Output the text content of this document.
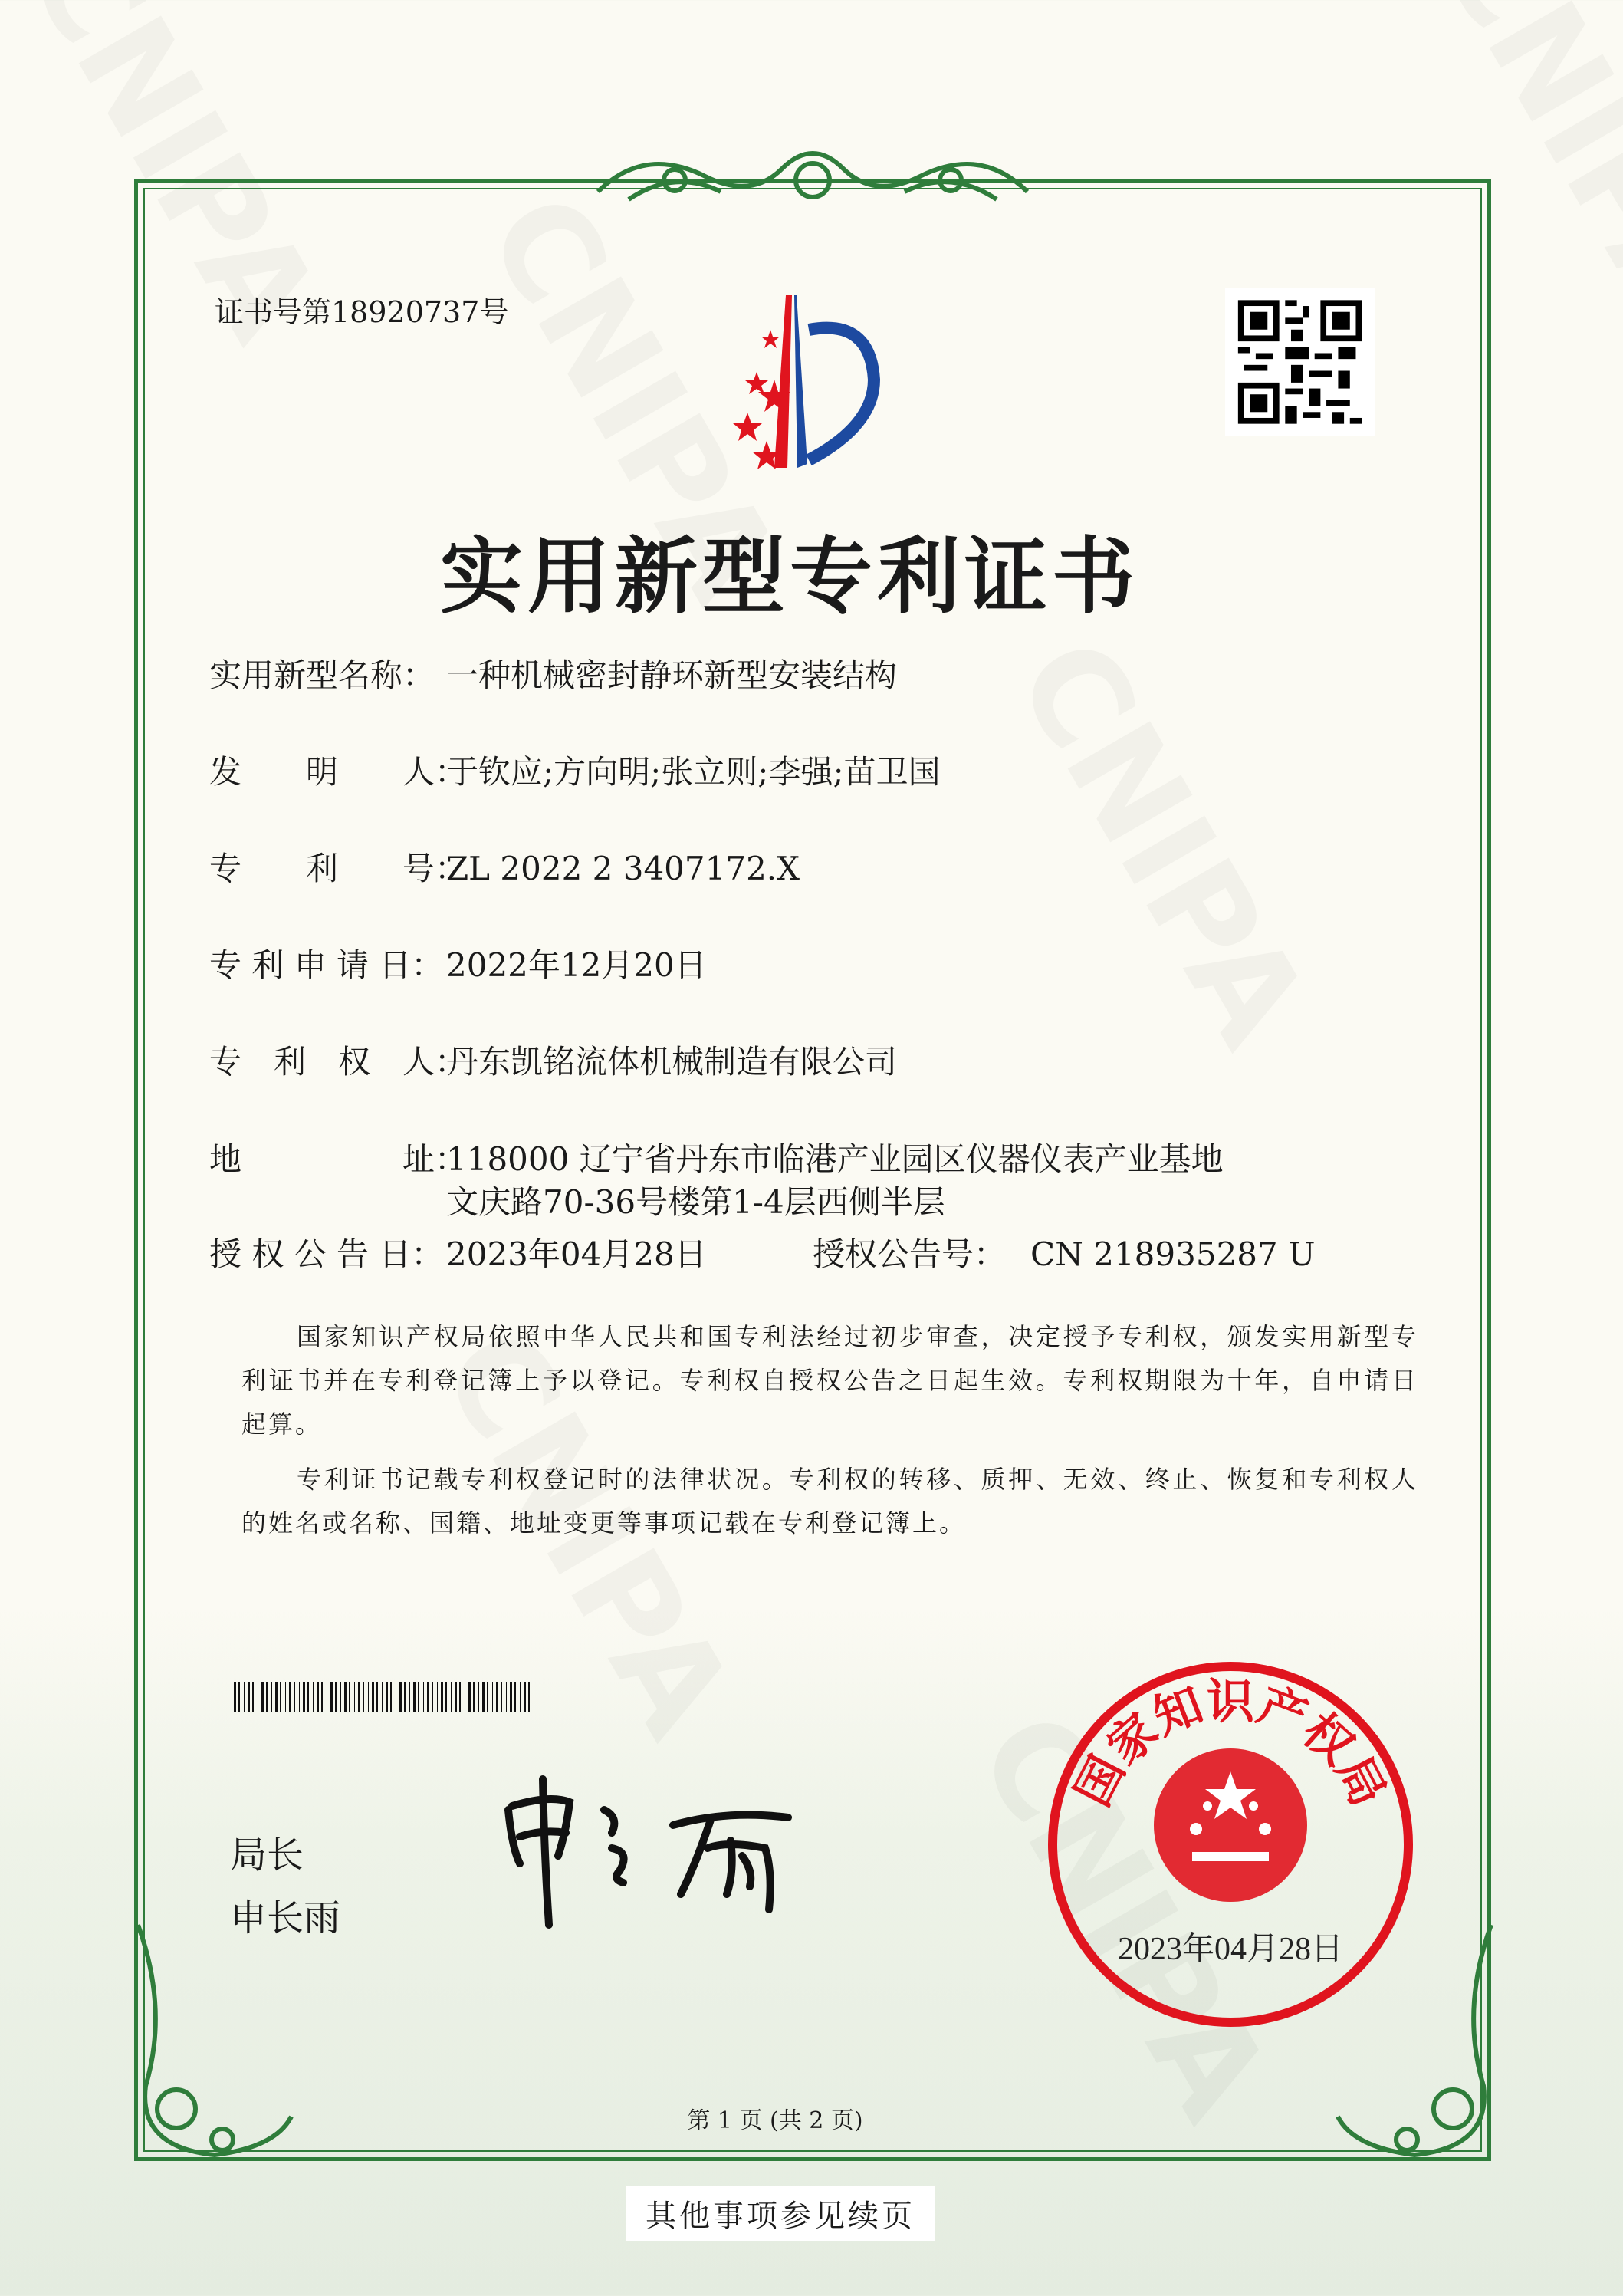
证书号第18920737号
实用新型专利证书
实用新型名称： 一种机械密封静环新型安装结构
发　　明　　人：
于钦应;方向明;张立则;李强;苗卫国
专　　利　　号：
ZL 2022 2 3407172.X
专 利 申 请 日： 2022年12月20日
专　利　权　人：
丹东凯铭流体机械制造有限公司
地　　　　　址：
118000 辽宁省丹东市临港产业园区仪器仪表产业基地
文庆路70-36号楼第1-4层西侧半层
授 权 公 告 日： 2023年04月28日	授权公告号： CN 218935287 U
国家知识产权局依照中华人民共和国专利法经过初步审查，决定授予专利权，颁发实用新型专利证书并在专利登记簿上予以登记。专利权自授权公告之日起生效。专利权期限为十年，自申请日起算。
专利证书记载专利权登记时的法律状况。专利权的转移、质押、无效、终止、恢复和专利权人的姓名或名称、国籍、地址变更等事项记载在专利登记簿上。
局长
申长雨
国家知识产权局
2023年04月28日
第 1 页 (共 2 页)
其他事项参见续页
